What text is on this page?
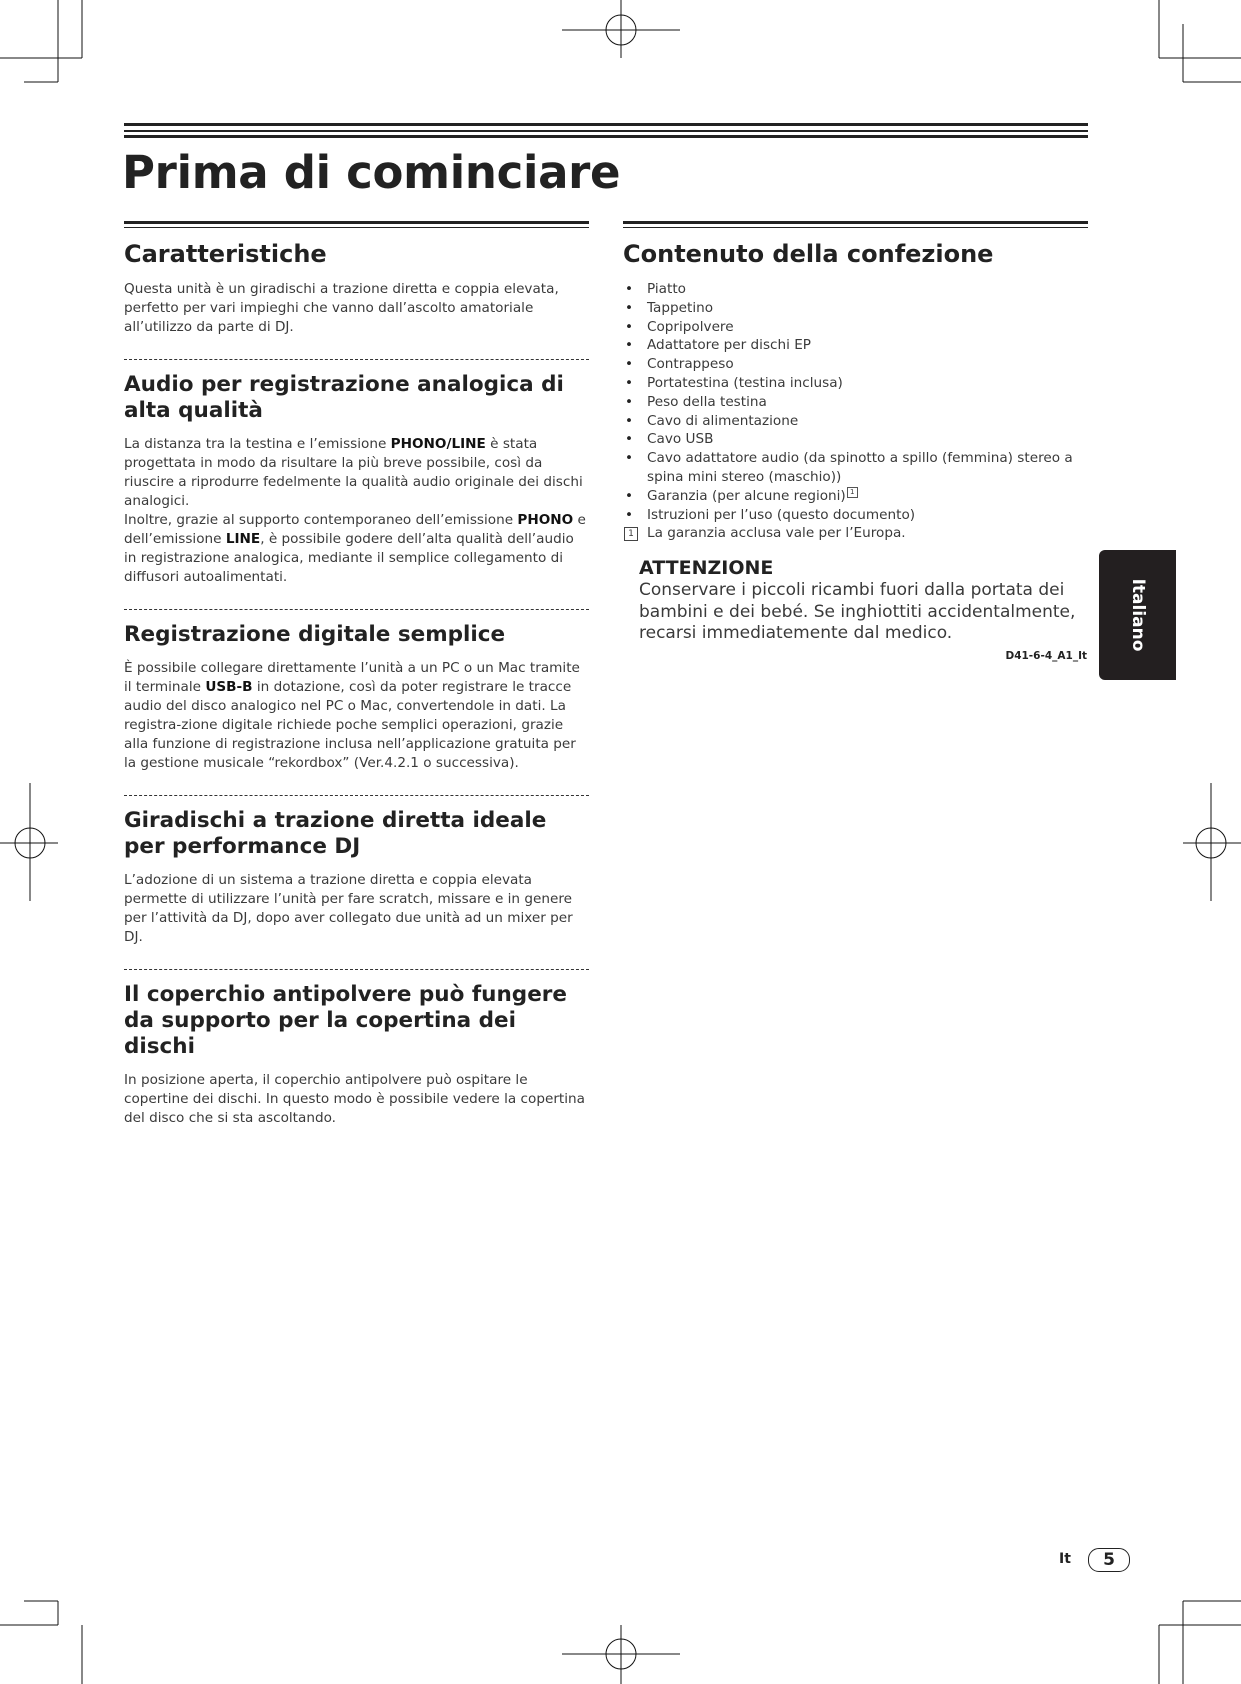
Prima di cominciare
Caratteristiche

Questa unità è un giradischi a trazione diretta e coppia elevata, perfetto per vari impieghi che vanno dall’ascolto amatoriale all’utilizzo da parte di DJ.

Audio per registrazione analogica di alta qualità

La distanza tra la testina e l’emissione PHONO/LINE è stata progettata in modo da risultare la più breve possibile, così da riuscire a riprodurre fedelmente la qualità audio originale dei dischi analogici.
Inoltre, grazie al supporto contemporaneo dell’emissione PHONO e dell’emissione LINE, è possibile godere dell’alta qualità dell’audio in registrazione analogica, mediante il semplice collegamento di diffusori autoalimentati.

Registrazione digitale semplice

È possibile collegare direttamente l’unità a un PC o un Mac tramite il terminale USB-B in dotazione, così da poter registrare le tracce audio del disco analogico nel PC o Mac, convertendole in dati. La registra-zione digitale richiede poche semplici operazioni, grazie alla funzione di registrazione inclusa nell’applicazione gratuita per la gestione musicale “rekordbox” (Ver.4.2.1 o successiva).

Giradischi a trazione diretta ideale per performance DJ

L’adozione di un sistema a trazione diretta e coppia elevata permette di utilizzare l’unità per fare scratch, missare e in genere per l’attività da DJ, dopo aver collegato due unità ad un mixer per DJ.

Il coperchio antipolvere può fungere da supporto per la copertina dei dischi

In posizione aperta, il coperchio antipolvere può ospitare le copertine dei dischi. In questo modo è possibile vedere la copertina del disco che si sta ascoltando.

Contenuto della confezione
• Piatto
• Tappetino
• Copripolvere
• Adattatore per dischi EP
• Contrappeso
• Portatestina (testina inclusa)
• Peso della testina
• Cavo di alimentazione
• Cavo USB
• Cavo adattatore audio (da spinotto a spillo (femmina) stereo a spina mini stereo (maschio))
• Garanzia (per alcune regioni) 1
• Istruzioni per l’uso (questo documento)
1 La garanzia acclusa vale per l’Europa.
ATTENZIONE
Conservare i piccoli ricambi fuori dalla portata dei bambini e dei bebé. Se inghiottiti accidentalmente, recarsi immediatemente dal medico.
D41-6-4_A1_It
Italiano
It	5
